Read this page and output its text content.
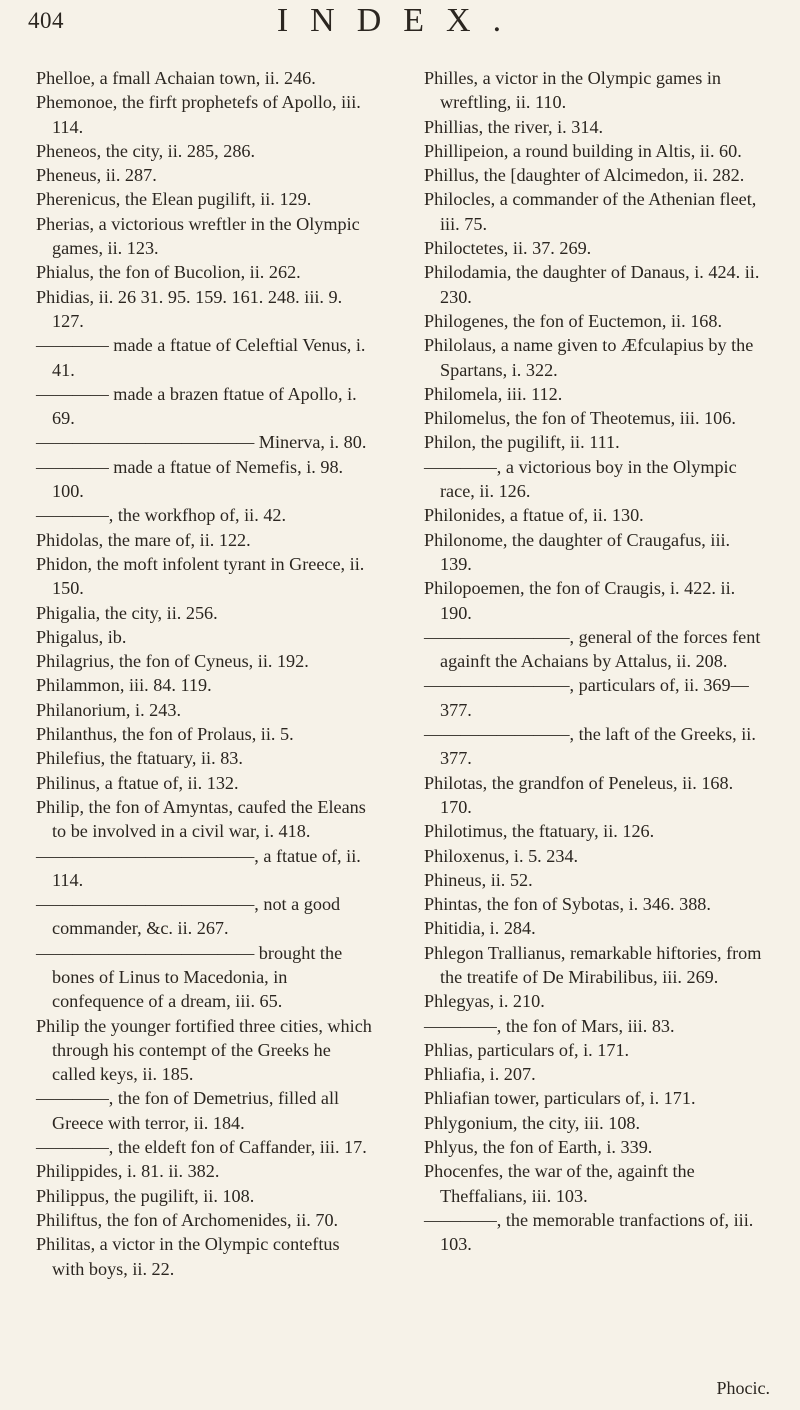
404	INDEX.

Phelloe, a fmall Achaian town, ii. 246.

Phemonoe, the firft prophetefs of Apollo, iii. 114.

Pheneos, the city, ii. 285, 286.

Pheneus, ii. 287.

Pherenicus, the Elean pugilift, ii. 129.

Pherias, a victorious wreftler in the Olympic games, ii. 123.

Phialus, the fon of Bucolion, ii. 262.

Phidias, ii. 26 31. 95. 159. 161. 248. iii. 9. 127.

———— made a ftatue of Celeftial Venus, i. 41.

———— made a brazen ftatue of Apollo, i. 69.

———————————— Minerva, i. 80.

———— made a ftatue of Nemefis, i. 98. 100.

————, the workfhop of, ii. 42.

Phidolas, the mare of, ii. 122.

Phidon, the moft infolent tyrant in Greece, ii. 150.

Phigalia, the city, ii. 256.

Phigalus, ib.

Philagrius, the fon of Cyneus, ii. 192.

Philammon, iii. 84. 119.

Philanorium, i. 243.

Philanthus, the fon of Prolaus, ii. 5.

Philefius, the ftatuary, ii. 83.

Philinus, a ftatue of, ii. 132.

Philip, the fon of Amyntas, caufed the Eleans to be involved in a civil war, i. 418.

————————————, a ftatue of, ii. 114.

————————————, not a good commander, &c. ii. 267.

———————————— brought the bones of Linus to Macedonia, in confequence of a dream, iii. 65.

Philip the younger fortified three cities, which through his contempt of the Greeks he called keys, ii. 185.

————, the fon of Demetrius, filled all Greece with terror, ii. 184.

————, the eldeft fon of Caffander, iii. 17.

Philippides, i. 81. ii. 382.

Philippus, the pugilift, ii. 108.

Philiftus, the fon of Archomenides, ii. 70.

Philitas, a victor in the Olympic conteftus with boys, ii. 22.

Philles, a victor in the Olympic games in wreftling, ii. 110.

Phillias, the river, i. 314.

Phillipeion, a round building in Altis, ii. 60.

Phillus, the [daughter of Alcimedon, ii. 282.

Philocles, a commander of the Athenian fleet, iii. 75.

Philoctetes, ii. 37. 269.

Philodamia, the daughter of Danaus, i. 424. ii. 230.

Philogenes, the fon of Euctemon, ii. 168.

Philolaus, a name given to Æfculapius by the Spartans, i. 322.

Philomela, iii. 112.

Philomelus, the fon of Theotemus, iii. 106.

Philon, the pugilift, ii. 111.

————, a victorious boy in the Olympic race, ii. 126.

Philonides, a ftatue of, ii. 130.

Philonome, the daughter of Craugafus, iii. 139.

Philopoemen, the fon of Craugis, i. 422. ii. 190.

————————, general of the forces fent againft the Achaians by Attalus, ii. 208.

————————, particulars of, ii. 369—377.

————————, the laft of the Greeks, ii. 377.

Philotas, the grandfon of Peneleus, ii. 168. 170.

Philotimus, the ftatuary, ii. 126.

Philoxenus, i. 5. 234.

Phineus, ii. 52.

Phintas, the fon of Sybotas, i. 346. 388.

Phitidia, i. 284.

Phlegon Trallianus, remarkable hiftories, from the treatife of De Mirabilibus, iii. 269.

Phlegyas, i. 210.

————, the fon of Mars, iii. 83.

Phlias, particulars of, i. 171.

Phliafia, i. 207.

Phliafian tower, particulars of, i. 171.

Phlygonium, the city, iii. 108.

Phlyus, the fon of Earth, i. 339.

Phocenfes, the war of the, againft the Theffalians, iii. 103.

————, the memorable tranfactions of, iii. 103.

Phocic.
